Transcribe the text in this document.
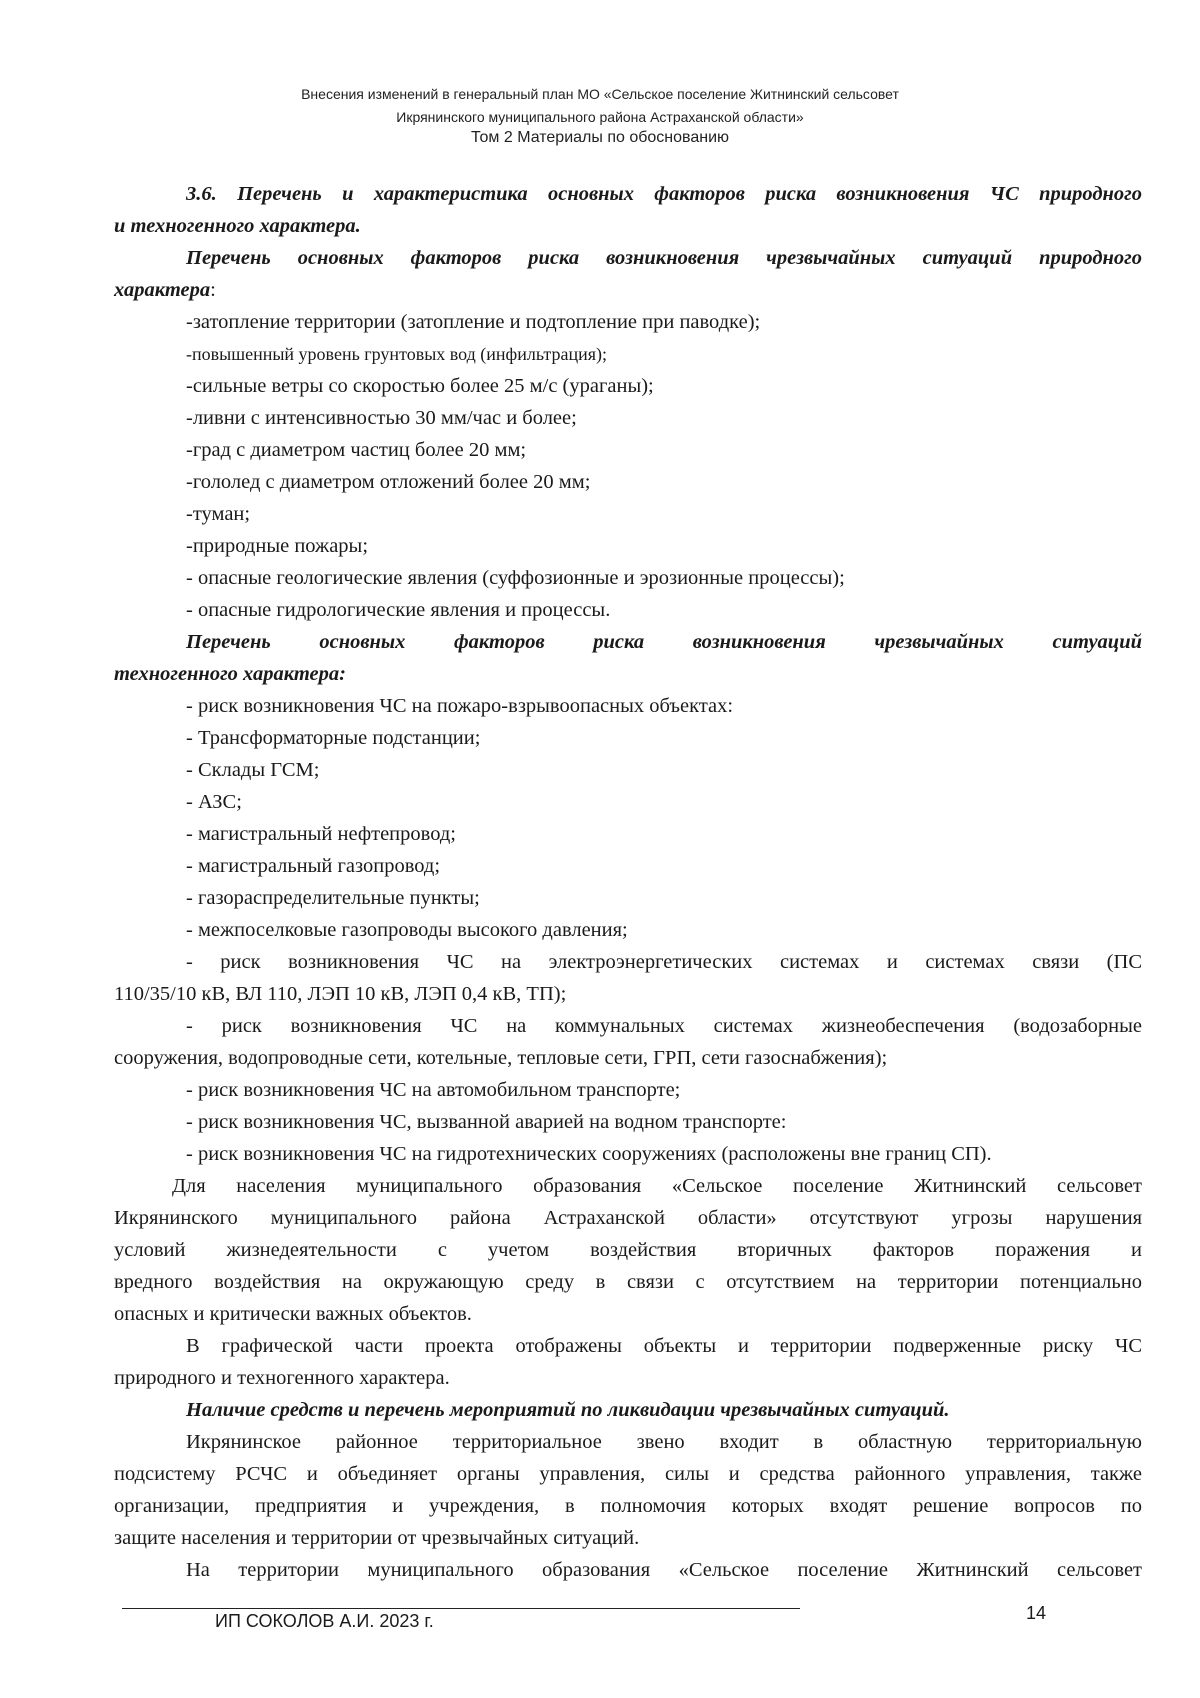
Внесения изменений в генеральный план МО «Сельское поселение Житнинский сельсовет
Икрянинского муниципального района Астраханской области»
Том 2 Материалы по обоснованию
3.6. Перечень и характеристика основных факторов риска возникновения ЧС природного
и техногенного характера.
Перечень основных факторов риска возникновения чрезвычайных ситуаций природного
характера:
-затопление территории (затопление и подтопление при паводке);
-повышенный уровень грунтовых вод (инфильтрация);
-сильные ветры со скоростью более 25 м/с (ураганы);
-ливни с интенсивностью 30 мм/час и более;
-град с диаметром частиц более 20 мм;
-гололед с диаметром отложений более 20 мм;
-туман;
-природные пожары;
- опасные геологические явления (суффозионные и эрозионные процессы);
- опасные гидрологические явления и процессы.
Перечень основных факторов риска возникновения чрезвычайных ситуаций
техногенного характера:
- риск возникновения ЧС на пожаро-взрывоопасных объектах:
- Трансформаторные подстанции;
- Склады ГСМ;
- АЗС;
- магистральный нефтепровод;
- магистральный газопровод;
- газораспределительные пункты;
- межпоселковые газопроводы высокого давления;
- риск возникновения ЧС на электроэнергетических системах и системах связи (ПС
110/35/10 кВ, ВЛ 110, ЛЭП 10 кВ, ЛЭП 0,4 кВ, ТП);
- риск возникновения ЧС на коммунальных системах жизнеобеспечения (водозаборные
сооружения, водопроводные сети, котельные, тепловые сети, ГРП, сети газоснабжения);
- риск возникновения ЧС на автомобильном транспорте;
- риск возникновения ЧС, вызванной аварией на водном транспорте:
- риск возникновения ЧС на гидротехнических сооружениях (расположены вне границ СП).
Для населения муниципального образования «Сельское поселение Житнинский сельсовет
Икрянинского муниципального района Астраханской области» отсутствуют угрозы нарушения
условий жизнедеятельности с учетом воздействия вторичных факторов поражения и
вредного воздействия на окружающую среду в связи с отсутствием на территории потенциально
опасных и критически важных объектов.
В графической части проекта отображены объекты и территории подверженные риску ЧС
природного и техногенного характера.
Наличие средств и перечень мероприятий по ликвидации чрезвычайных ситуаций.
Икрянинское районное территориальное звено входит в областную территориальную
подсистему РСЧС и объединяет органы управления, силы и средства районного управления, также
организации, предприятия и учреждения, в полномочия которых входят решение вопросов по
защите населения и территории от чрезвычайных ситуаций.
На территории муниципального образования «Сельское поселение Житнинский сельсовет
ИП СОКОЛОВ А.И. 2023 г.	14
